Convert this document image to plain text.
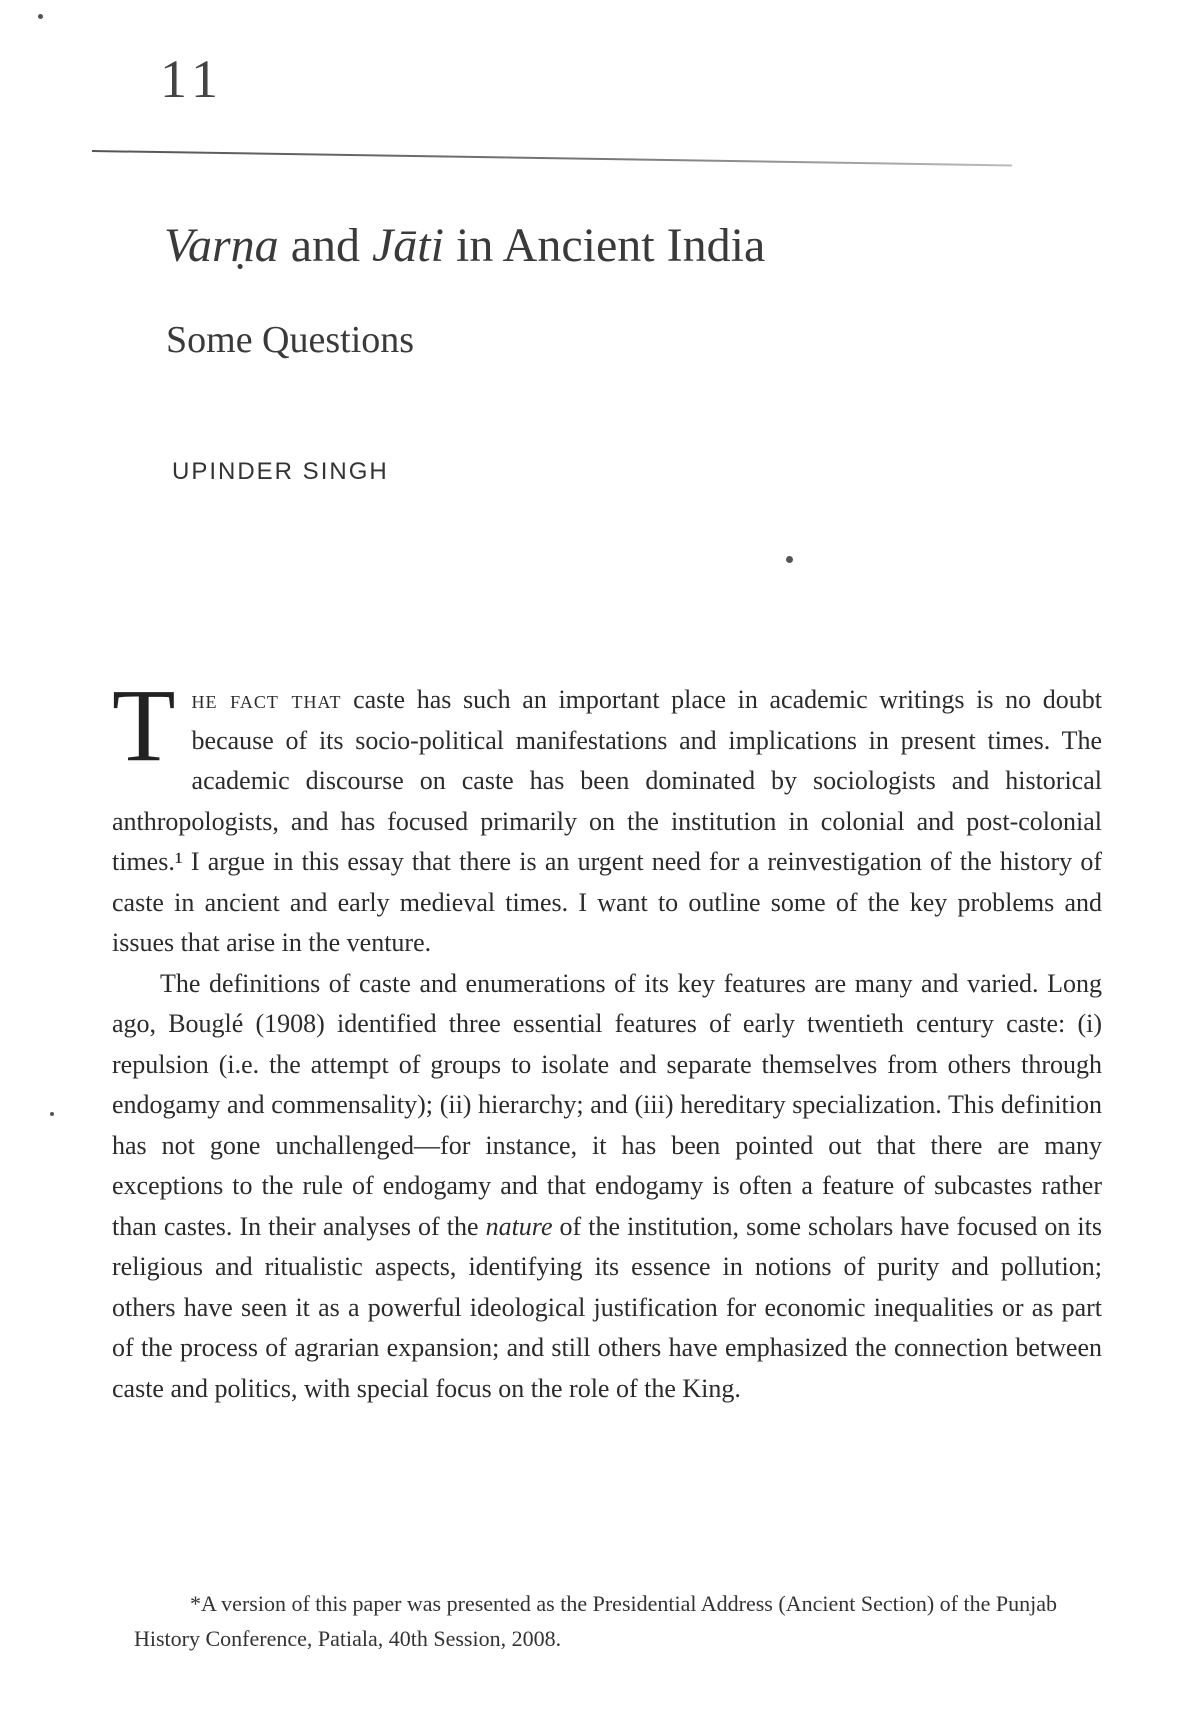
11
Varṇa and Jāti in Ancient India
Some Questions
UPINDER SINGH

The fact that caste has such an important place in academic writings is no doubt because of its socio-political manifestations and implications in present times. The academic discourse on caste has been dominated by sociologists and historical anthropologists, and has focused primarily on the institution in colonial and post-colonial times.¹ I argue in this essay that there is an urgent need for a reinvestigation of the history of caste in ancient and early medieval times. I want to outline some of the key problems and issues that arise in the venture.

The definitions of caste and enumerations of its key features are many and varied. Long ago, Bouglé (1908) identified three essential features of early twentieth century caste: (i) repulsion (i.e. the attempt of groups to isolate and separate themselves from others through endogamy and commensality); (ii) hierarchy; and (iii) hereditary specialization. This definition has not gone unchallenged—for instance, it has been pointed out that there are many exceptions to the rule of endogamy and that endogamy is often a feature of subcastes rather than castes. In their analyses of the nature of the institution, some scholars have focused on its religious and ritualistic aspects, identifying its essence in notions of purity and pollution; others have seen it as a powerful ideological justification for economic inequalities or as part of the process of agrarian expansion; and still others have emphasized the connection between caste and politics, with special focus on the role of the King.

*A version of this paper was presented as the Presidential Address (Ancient Section) of the Punjab History Conference, Patiala, 40th Session, 2008.
